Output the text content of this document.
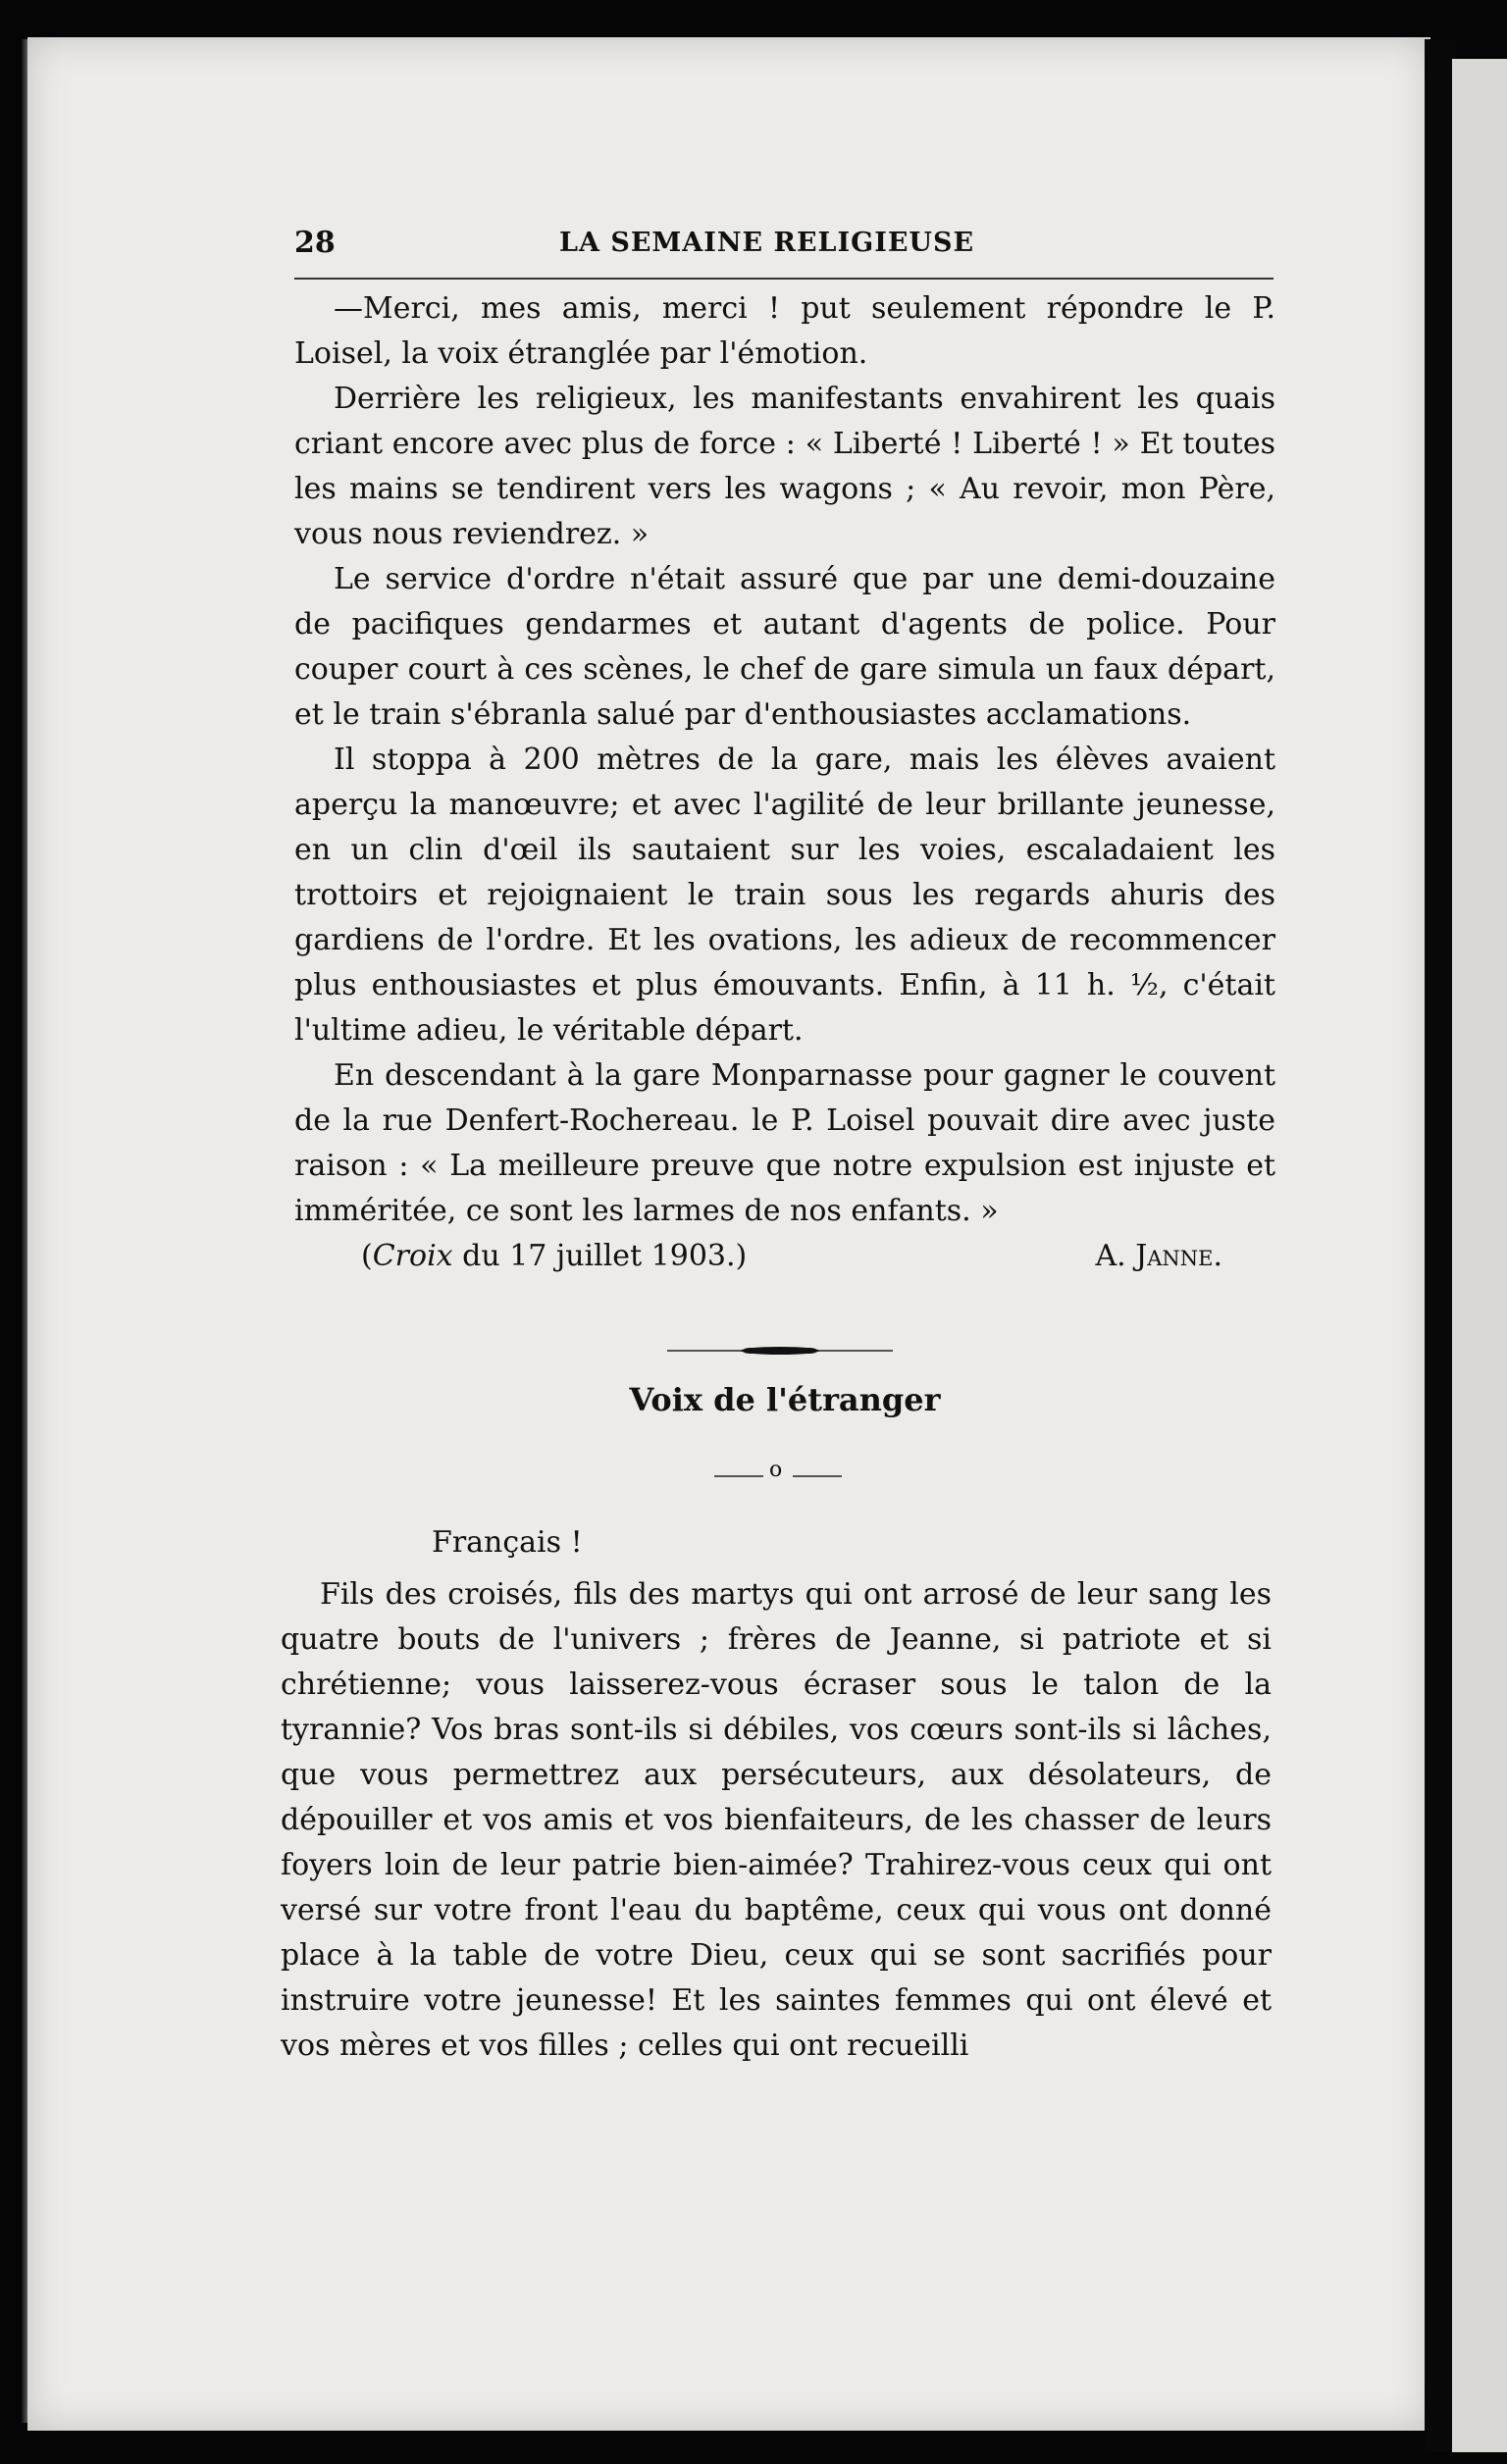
28	LA SEMAINE RELIGIEUSE

—Merci, mes amis, merci ! put seulement répondre le P. Loisel, la voix étranglée par l'émotion.

Derrière les religieux, les manifestants envahirent les quais criant encore avec plus de force : « Liberté ! Liberté ! » Et toutes les mains se tendirent vers les wagons ; « Au revoir, mon Père, vous nous reviendrez. »

Le service d'ordre n'était assuré que par une demi-douzaine de pacifiques gendarmes et autant d'agents de police. Pour couper court à ces scènes, le chef de gare simula un faux départ, et le train s'ébranla salué par d'enthousiastes acclamations.

Il stoppa à 200 mètres de la gare, mais les élèves avaient aperçu la manœuvre; et avec l'agilité de leur brillante jeunesse, en un clin d'œil ils sautaient sur les voies, escaladaient les trottoirs et rejoignaient le train sous les regards ahuris des gardiens de l'ordre. Et les ovations, les adieux de recommencer plus enthousiastes et plus émouvants. Enfin, à 11 h. ½, c'était l'ultime adieu, le véritable départ.

En descendant à la gare Monparnasse pour gagner le couvent de la rue Denfert-Rochereau. le P. Loisel pouvait dire avec juste raison : « La meilleure preuve que notre expulsion est injuste et imméritée, ce sont les larmes de nos enfants. »

(Croix du 17 juillet 1903.)	A. Janne.
Voix de l'étranger
o
Français !

Fils des croisés, fils des martys qui ont arrosé de leur sang les quatre bouts de l'univers ; frères de Jeanne, si patriote et si chrétienne; vous laisserez-vous écraser sous le talon de la tyrannie? Vos bras sont-ils si débiles, vos cœurs sont-ils si lâches, que vous permettrez aux persécuteurs, aux désolateurs, de dépouiller et vos amis et vos bienfaiteurs, de les chasser de leurs foyers loin de leur patrie bien-aimée? Trahirez-vous ceux qui ont versé sur votre front l'eau du baptême, ceux qui vous ont donné place à la table de votre Dieu, ceux qui se sont sacrifiés pour instruire votre jeunesse! Et les saintes femmes qui ont élevé et vos mères et vos filles ; celles qui ont recueilli
